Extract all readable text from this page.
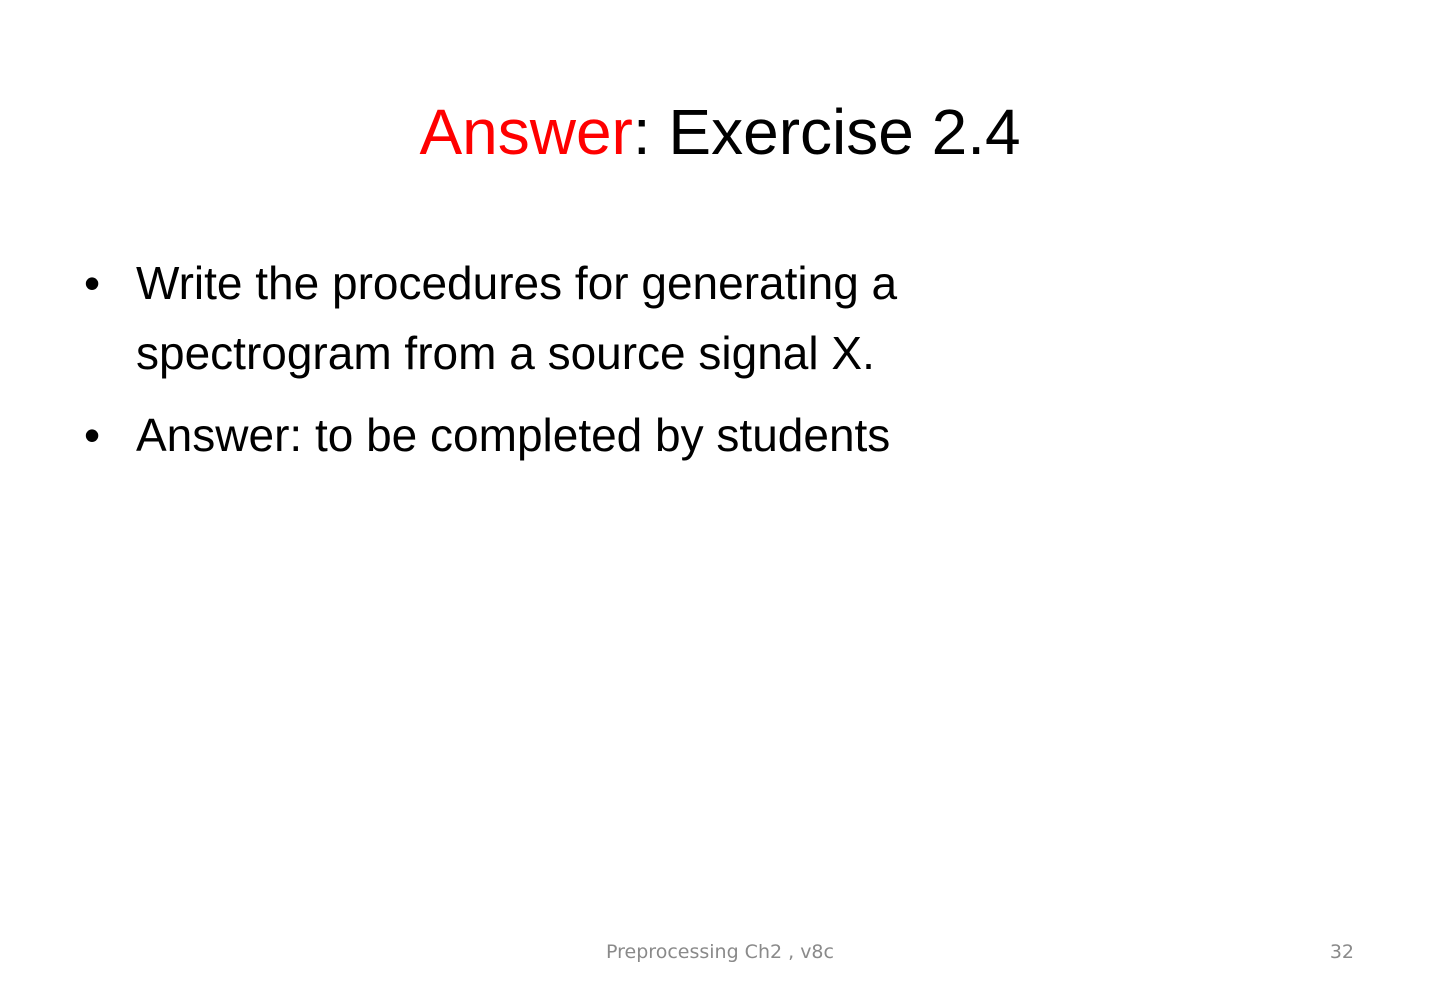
Answer: Exercise 2.4
• Write the procedures for generating a spectrogram from a source signal X.
• Answer: to be completed by students
Preprocessing Ch2 , v8c	32
